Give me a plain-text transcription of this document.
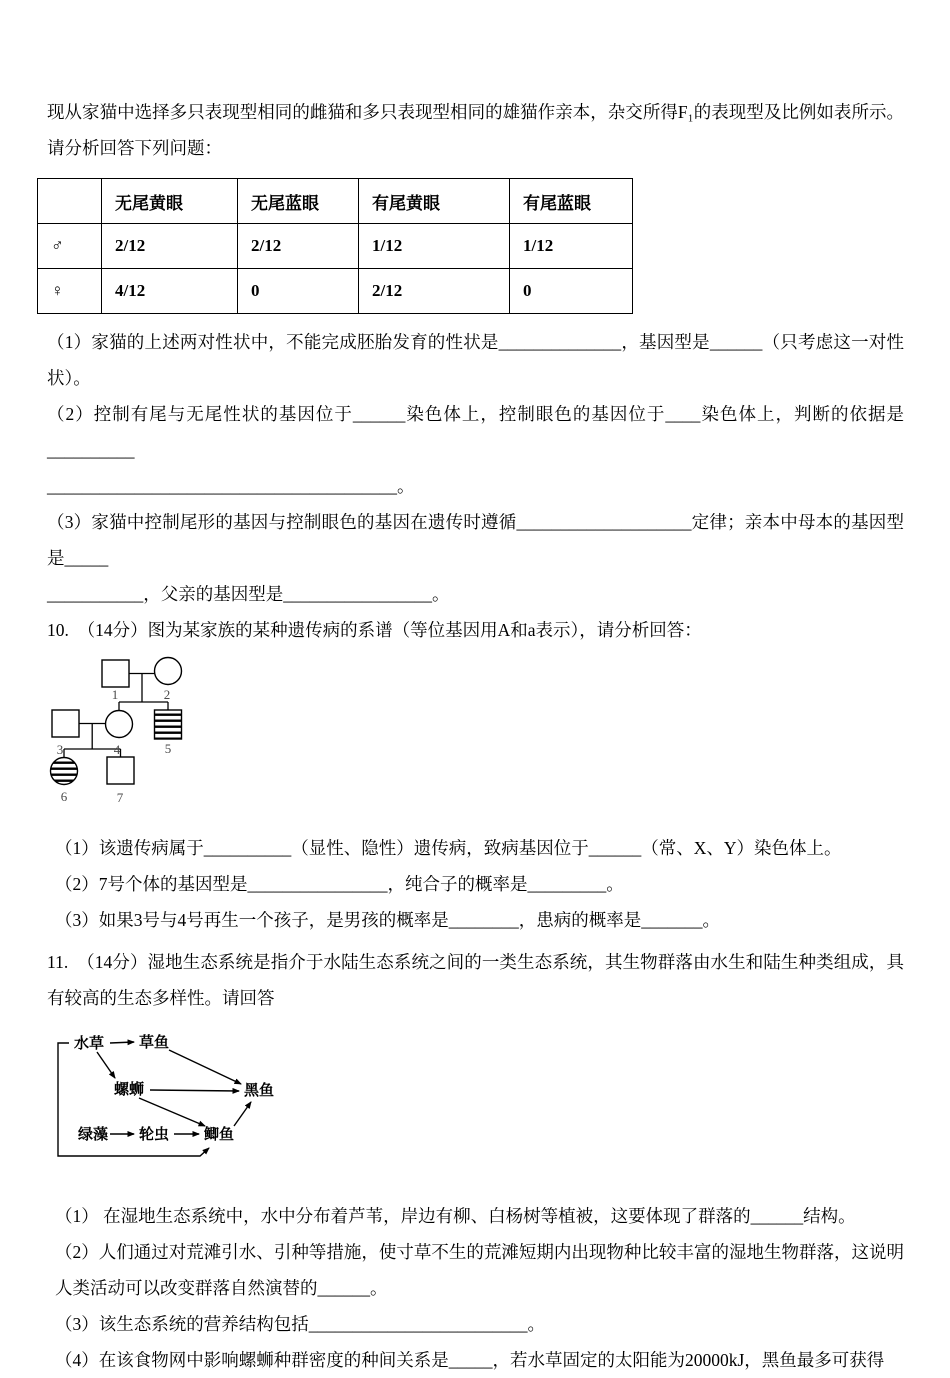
现从家猫中选择多只表现型相同的雌猫和多只表现型相同的雄猫作亲本，杂交所得F₁的表现型及比例如表所示。请分析回答下列问题：

	无尾黄眼	无尾蓝眼	有尾黄眼	有尾蓝眼
♂	2/12	2/12	1/12	1/12
♀	4/12	0	2/12	0

（1）家猫的上述两对性状中，不能完成胚胎发育的性状是______________，基因型是______（只考虑这一对性状）。

（2）控制有尾与无尾性状的基因位于______染色体上，控制眼色的基因位于____染色体上，判断的依据是__________

________________________________________。

（3）家猫中控制尾形的基因与控制眼色的基因在遗传时遵循____________________定律；亲本中母本的基因型是_____

___________，父亲的基因型是_________________。

10.  （14分）图为某家族的某种遗传病的系谱（等位基因用A和a表示），请分析回答：

1	2
3	4	5
6	7

（1）该遗传病属于__________（显性、隐性）遗传病，致病基因位于______（常、X、Y）染色体上。

（2）7号个体的基因型是________________，纯合子的概率是_________。

（3）如果3号与4号再生一个孩子，是男孩的概率是________，患病的概率是_______。

11.  （14分）湿地生态系统是指介于水陆生态系统之间的一类生态系统，其生物群落由水生和陆生种类组成，具有较高的生态多样性。请回答

水草 草鱼
螺蛳	黑鱼
绿藻 轮虫 鲫鱼

（1） 在湿地生态系统中，水中分布着芦苇，岸边有柳、白杨树等植被，这要体现了群落的______结构。

（2）人们通过对荒滩引水、引种等措施，使寸草不生的荒滩短期内出现物种比较丰富的湿地生物群落，这说明人类活动可以改变群落自然演替的______。

（3）该生态系统的营养结构包括_________________________。

（4）在该食物网中影响螺蛳种群密度的种间关系是_____，若水草固定的太阳能为20000kJ，黑鱼最多可获得
